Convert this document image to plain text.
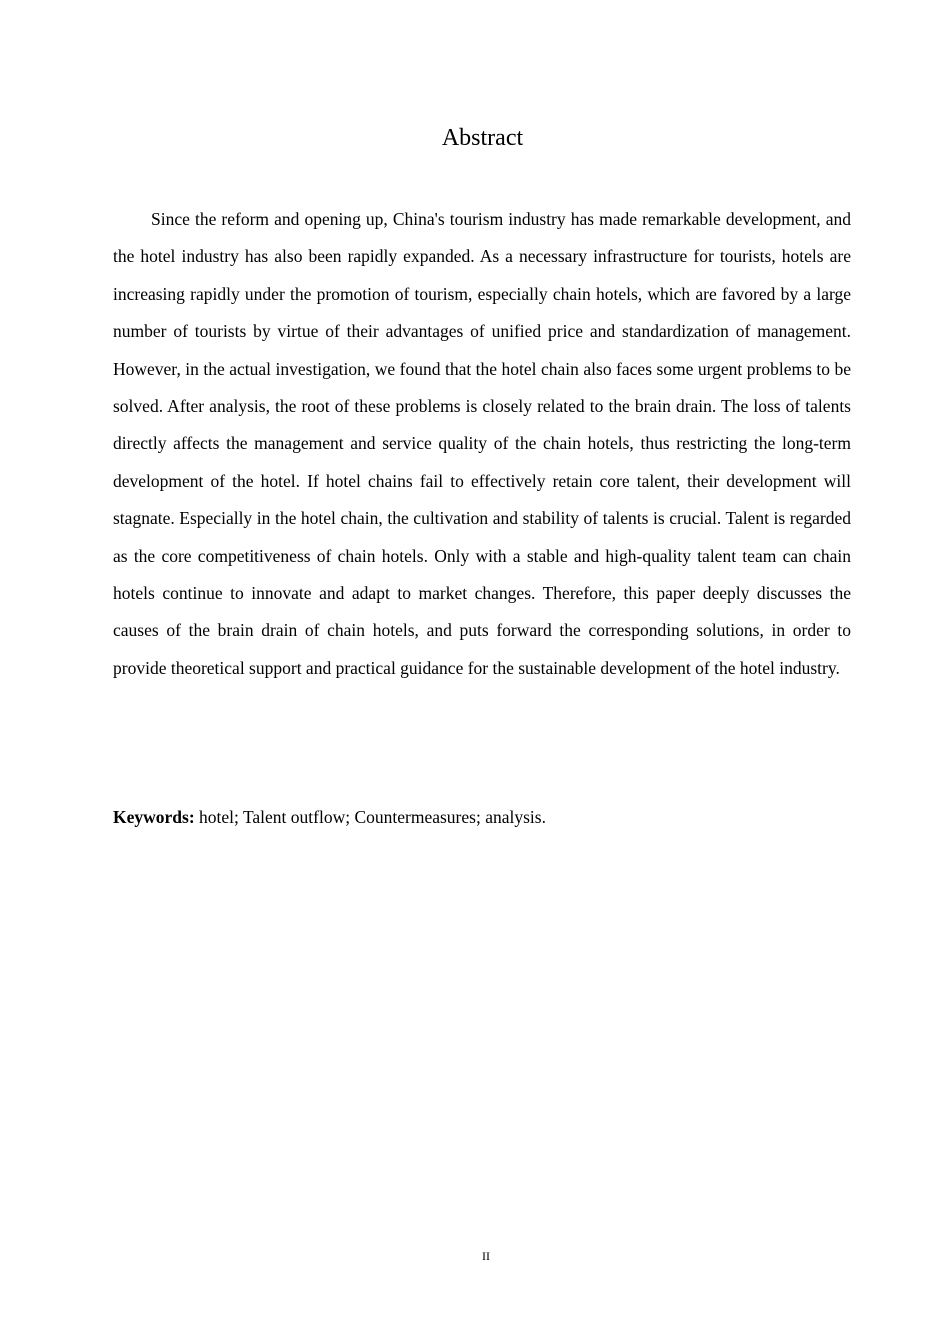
Abstract

Since the reform and opening up, China's tourism industry has made remarkable development, and the hotel industry has also been rapidly expanded. As a necessary infrastructure for tourists, hotels are increasing rapidly under the promotion of tourism, especially chain hotels, which are favored by a large number of tourists by virtue of their advantages of unified price and standardization of management. However, in the actual investigation, we found that the hotel chain also faces some urgent problems to be solved. After analysis, the root of these problems is closely related to the brain drain. The loss of talents directly affects the management and service quality of the chain hotels, thus restricting the long-term development of the hotel. If hotel chains fail to effectively retain core talent, their development will stagnate. Especially in the hotel chain, the cultivation and stability of talents is crucial. Talent is regarded as the core competitiveness of chain hotels. Only with a stable and high-quality talent team can chain hotels continue to innovate and adapt to market changes. Therefore, this paper deeply discusses the causes of the brain drain of chain hotels, and puts forward the corresponding solutions, in order to provide theoretical support and practical guidance for the sustainable development of the hotel industry.

Keywords: hotel; Talent outflow; Countermeasures; analysis.

II
